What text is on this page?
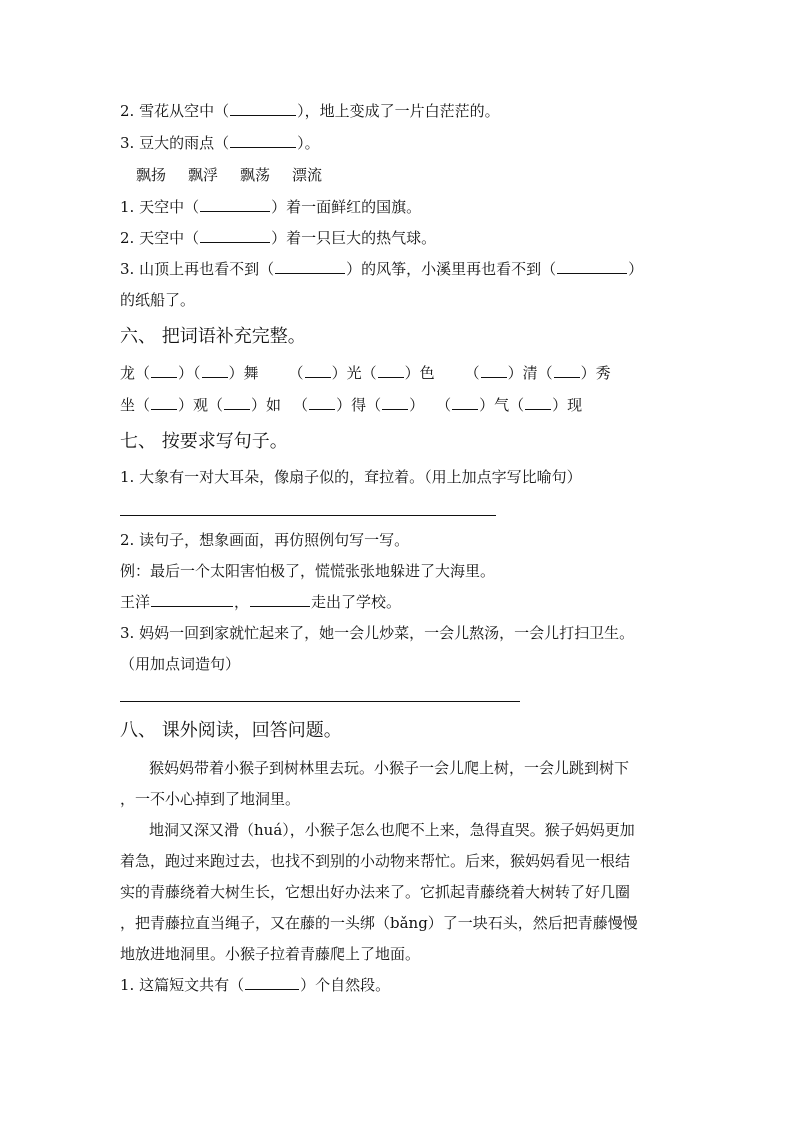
2. 雪花从空中（	），地上变成了一片白茫茫的。
3. 豆大的雨点（	）。
飘扬 飘浮 飘荡 漂流
1. 天空中（	）着一面鲜红的国旗。
2. 天空中（	）着一只巨大的热气球。
3. 山顶上再也看不到（	）的风筝，小溪里再也看不到（	）
的纸船了。
六、 把词语补充完整。
龙（ ）（ ）舞 （ ）光（ ）色 （ ）清（ ）秀
坐（ ）观（ ）如 （ ）得（ ） （ ）气（ ）现
七、 按要求写句子。
1. 大象有一对大耳朵，像扇子似的，耷拉着。（用上加点字写比喻句）
2. 读句子，想象画面，再仿照例句写一写。
例：最后一个太阳害怕极了，慌慌张张地躲进了大海里。
王洋	，	走出了学校。
3. 妈妈一回到家就忙起来了，她一会儿炒菜，一会儿熬汤，一会儿打扫卫生。
（用加点词造句）
八、 课外阅读，回答问题。
猴妈妈带着小猴子到树林里去玩。小猴子一会儿爬上树，一会儿跳到树下
，一不小心掉到了地洞里。
地洞又深又滑（huá），小猴子怎么也爬不上来，急得直哭。猴子妈妈更加
着急，跑过来跑过去，也找不到别的小动物来帮忙。后来，猴妈妈看见一根结
实的青藤绕着大树生长，它想出好办法来了。它抓起青藤绕着大树转了好几圈
，把青藤拉直当绳子，又在藤的一头绑（bǎng）了一块石头，然后把青藤慢慢
地放进地洞里。小猴子拉着青藤爬上了地面。
1. 这篇短文共有（	）个自然段。
